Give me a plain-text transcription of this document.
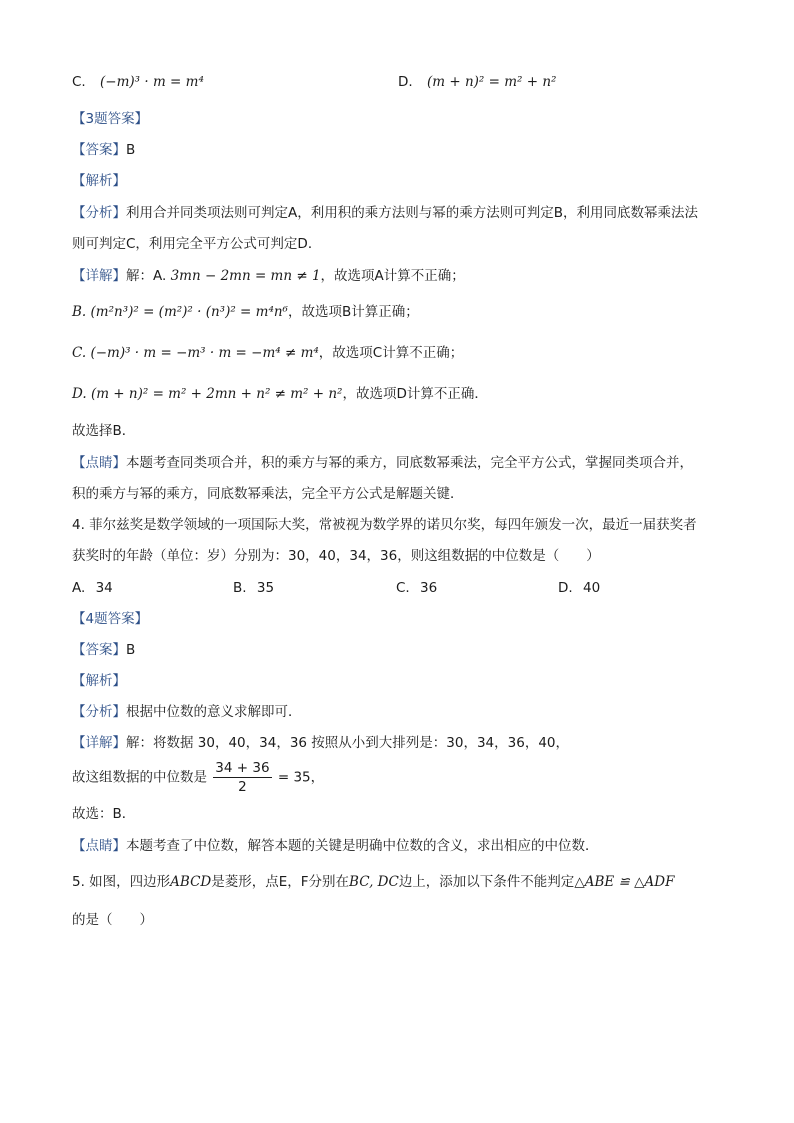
C. (−m)³ · m = m⁴	D. (m + n)² = m² + n²
【3题答案】
【答案】B
【解析】
【分析】利用合并同类项法则可判定A，利用积的乘方法则与幂的乘方法则可判定B，利用同底数幂乘法法
则可判定C，利用完全平方公式可判定D．
【详解】解：A. 3mn − 2mn = mn ≠ 1，故选项A计算不正确；
B. (m²n³)² = (m²)² · (n³)² = m⁴n⁶，故选项B计算正确；
C. (−m)³ · m = −m³ · m = −m⁴ ≠ m⁴，故选项C计算不正确；
D. (m + n)² = m² + 2mn + n² ≠ m² + n²，故选项D计算不正确．
故选择B．
【点睛】本题考查同类项合并，积的乘方与幂的乘方，同底数幂乘法，完全平方公式，掌握同类项合并，
积的乘方与幂的乘方，同底数幂乘法，完全平方公式是解题关键．
4. 菲尔兹奖是数学领域的一项国际大奖，常被视为数学界的诺贝尔奖，每四年颁发一次，最近一届获奖者
获奖时的年龄（单位：岁）分别为：30，40，34，36，则这组数据的中位数是（　　）
A. 34	B. 35	C. 36	D. 40
【4题答案】
【答案】B
【解析】
【分析】根据中位数的意义求解即可．
【详解】解：将数据 30，40，34，36 按照从小到大排列是：30，34，36，40，
故这组数据的中位数是 $\frac{34 + 36}{2} = 35$，
故选：B．
【点睛】本题考查了中位数，解答本题的关键是明确中位数的含义，求出相应的中位数．
5. 如图，四边形ABCD是菱形，点E，F分别在BC, DC边上，添加以下条件不能判定△ABE ≌ △ADF
的是（　　）
